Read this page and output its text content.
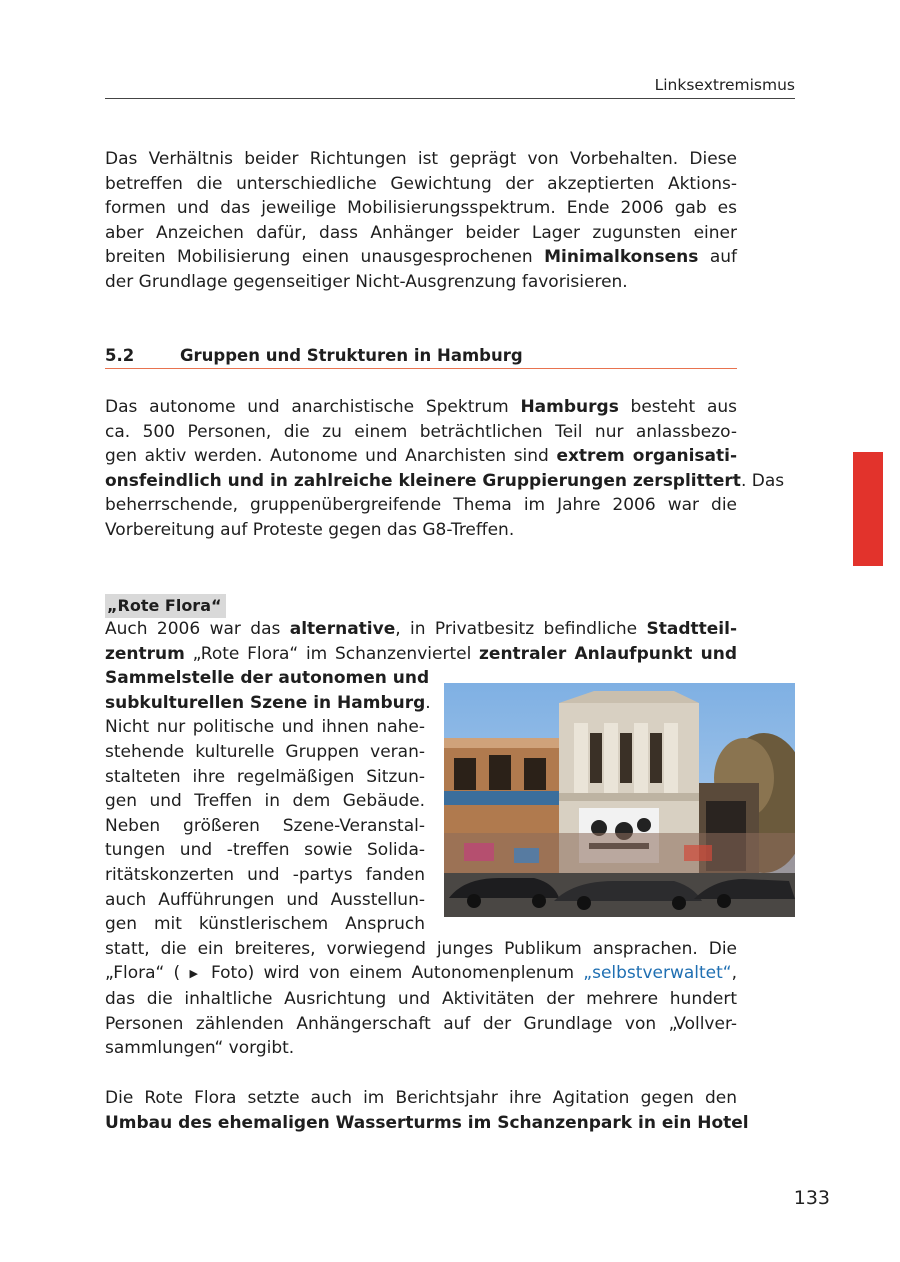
Linksextremismus
Das Verhältnis beider Richtungen ist geprägt von Vorbehalten. Diese
betreffen die unterschiedliche Gewichtung der akzeptierten Aktions-
formen und das jeweilige Mobilisierungsspektrum. Ende 2006 gab es
aber Anzeichen dafür, dass Anhänger beider Lager zugunsten einer
breiten Mobilisierung einen unausgesprochenen Minimalkonsens auf
der Grundlage gegenseitiger Nicht-Ausgrenzung favorisieren.
5.2	Gruppen und Strukturen in Hamburg
Das autonome und anarchistische Spektrum Hamburgs besteht aus
ca. 500 Personen, die zu einem beträchtlichen Teil nur anlassbezo-
gen aktiv werden. Autonome und Anarchisten sind extrem organisati-
onsfeindlich und in zahlreiche kleinere Gruppierungen zersplittert. Das
beherrschende, gruppenübergreifende Thema im Jahre 2006 war die
Vorbereitung auf Proteste gegen das G8-Treffen.
„Rote Flora“
Auch 2006 war das alternative, in Privatbesitz befindliche Stadtteil-
zentrum „Rote Flora“ im Schanzenviertel zentraler Anlaufpunkt und
Sammelstelle der autonomen und
subkulturellen Szene in Hamburg.
Nicht nur politische und ihnen nahe-
stehende kulturelle Gruppen veran-
stalteten ihre regelmäßigen Sitzun-
gen und Treffen in dem Gebäude.
Neben größeren Szene-Veranstal-
tungen und -treffen sowie Solida-
ritätskonzerten und -partys fanden
auch Aufführungen und Ausstellun-
gen mit künstlerischem Anspruch
statt, die ein breiteres, vorwiegend junges Publikum ansprachen. Die
„Flora“ ( ▶ Foto) wird von einem Autonomenplenum „selbstverwaltet“,
das die inhaltliche Ausrichtung und Aktivitäten der mehrere hundert
Personen zählenden Anhängerschaft auf der Grundlage von „Vollver-
sammlungen“ vorgibt.
Die Rote Flora setzte auch im Berichtsjahr ihre Agitation gegen den
Umbau des ehemaligen Wasserturms im Schanzenpark in ein Hotel
133
